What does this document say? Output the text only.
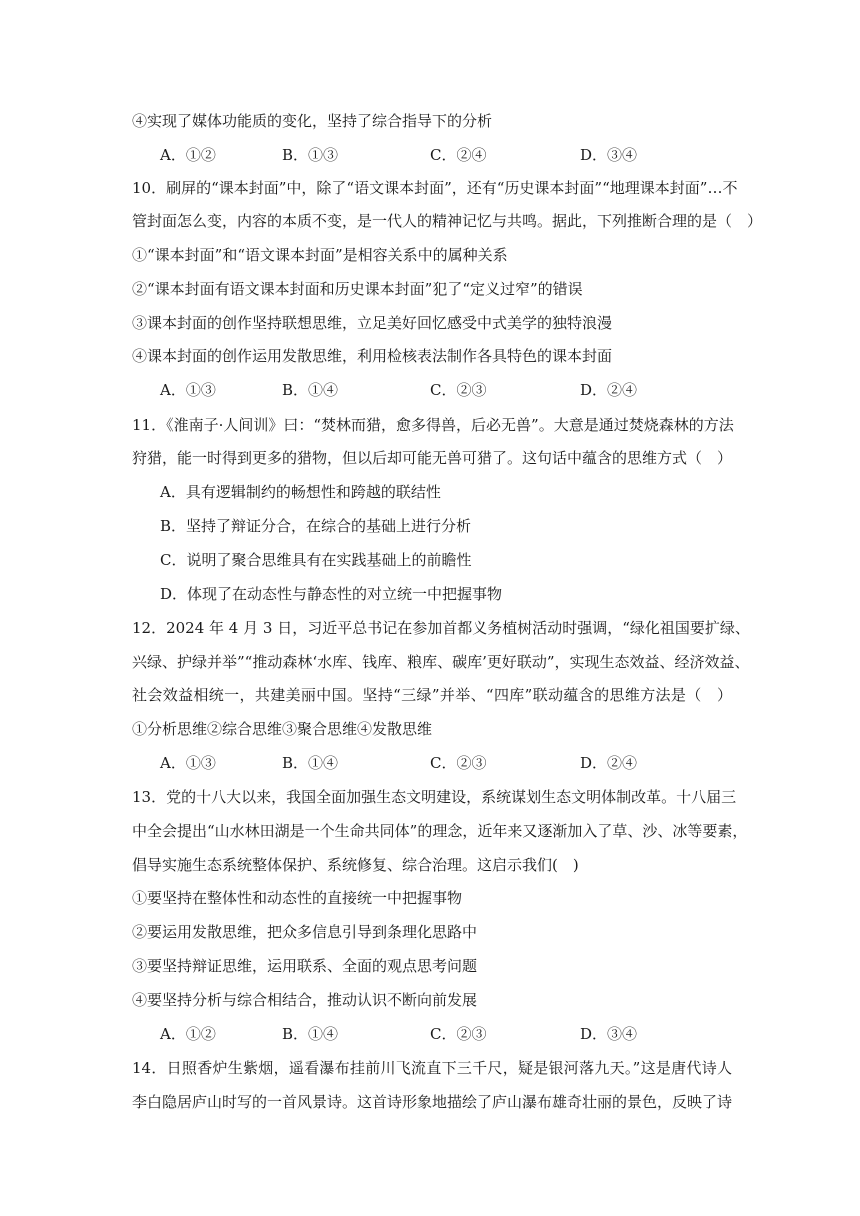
④实现了媒体功能质的变化，坚持了综合指导下的分析
A．①②	B．①③	C．②④	D．③④
10．刷屏的“课本封面”中，除了“语文课本封面”，还有“历史课本封面”“地理课本封面”…不
管封面怎么变，内容的本质不变，是一代人的精神记忆与共鸣。据此，下列推断合理的是（　）
①“课本封面”和“语文课本封面”是相容关系中的属种关系
②“课本封面有语文课本封面和历史课本封面”犯了“定义过窄”的错误
③课本封面的创作坚持联想思维，立足美好回忆感受中式美学的独特浪漫
④课本封面的创作运用发散思维，利用检核表法制作各具特色的课本封面
A．①③	B．①④	C．②③	D．②④
11．《淮南子·人间训》曰：“焚林而猎，愈多得兽，后必无兽”。大意是通过焚烧森林的方法
狩猎，能一时得到更多的猎物，但以后却可能无兽可猎了。这句话中蕴含的思维方式（　）
A．具有逻辑制约的畅想性和跨越的联结性
B．坚持了辩证分合，在综合的基础上进行分析
C．说明了聚合思维具有在实践基础上的前瞻性
D．体现了在动态性与静态性的对立统一中把握事物
12．2024 年 4 月 3 日，习近平总书记在参加首都义务植树活动时强调，“绿化祖国要扩绿、
兴绿、护绿并举”“推动森林‘水库、钱库、粮库、碳库’更好联动”，实现生态效益、经济效益、
社会效益相统一，共建美丽中国。坚持“三绿”并举、“四库”联动蕴含的思维方法是（　）
①分析思维②综合思维③聚合思维④发散思维
A．①③	B．①④	C．②③	D．②④
13．党的十八大以来，我国全面加强生态文明建设，系统谋划生态文明体制改革。十八届三
中全会提出“山水林田湖是一个生命共同体”的理念，近年来又逐渐加入了草、沙、冰等要素，
倡导实施生态系统整体保护、系统修复、综合治理。这启示我们(　)
①要坚持在整体性和动态性的直接统一中把握事物
②要运用发散思维，把众多信息引导到条理化思路中
③要坚持辩证思维，运用联系、全面的观点思考问题
④要坚持分析与综合相结合，推动认识不断向前发展
A．①②	B．①④	C．②③	D．③④
14．日照香炉生紫烟，遥看瀑布挂前川飞流直下三千尺，疑是银河落九天。”这是唐代诗人
李白隐居庐山时写的一首风景诗。这首诗形象地描绘了庐山瀑布雄奇壮丽的景色，反映了诗
